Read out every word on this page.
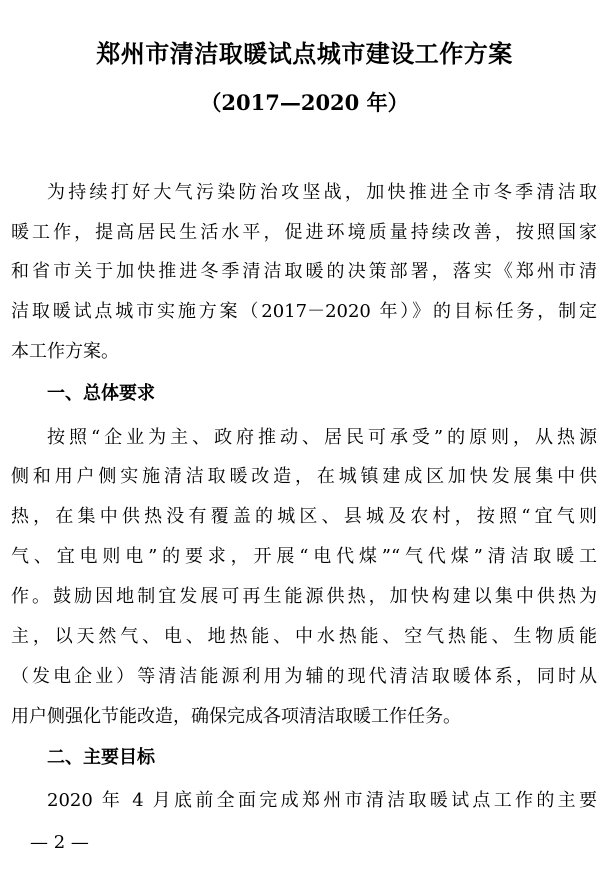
郑州市清洁取暖试点城市建设工作方案
（2017—2020 年）

为持续打好大气污染防治攻坚战，加快推进全市冬季清洁取

暖工作，提高居民生活水平，促进环境质量持续改善，按照国家

和省市关于加快推进冬季清洁取暖的决策部署，落实《郑州市清

洁取暖试点城市实施方案（2017－2020 年）》的目标任务，制定

本工作方案。

一、总体要求

按照“企业为主、政府推动、居民可承受”的原则，从热源

侧和用户侧实施清洁取暖改造，在城镇建成区加快发展集中供

热，在集中供热没有覆盖的城区、县城及农村，按照“宜气则

气、宜电则电”的要求，开展“电代煤”“气代煤”清洁取暖工

作。鼓励因地制宜发展可再生能源供热，加快构建以集中供热为

主，以天然气、电、地热能、中水热能、空气热能、生物质能

（发电企业）等清洁能源利用为辅的现代清洁取暖体系，同时从

用户侧强化节能改造，确保完成各项清洁取暖工作任务。

二、主要目标

2020 年 4 月底前全面完成郑州市清洁取暖试点工作的主要

— 2 —
